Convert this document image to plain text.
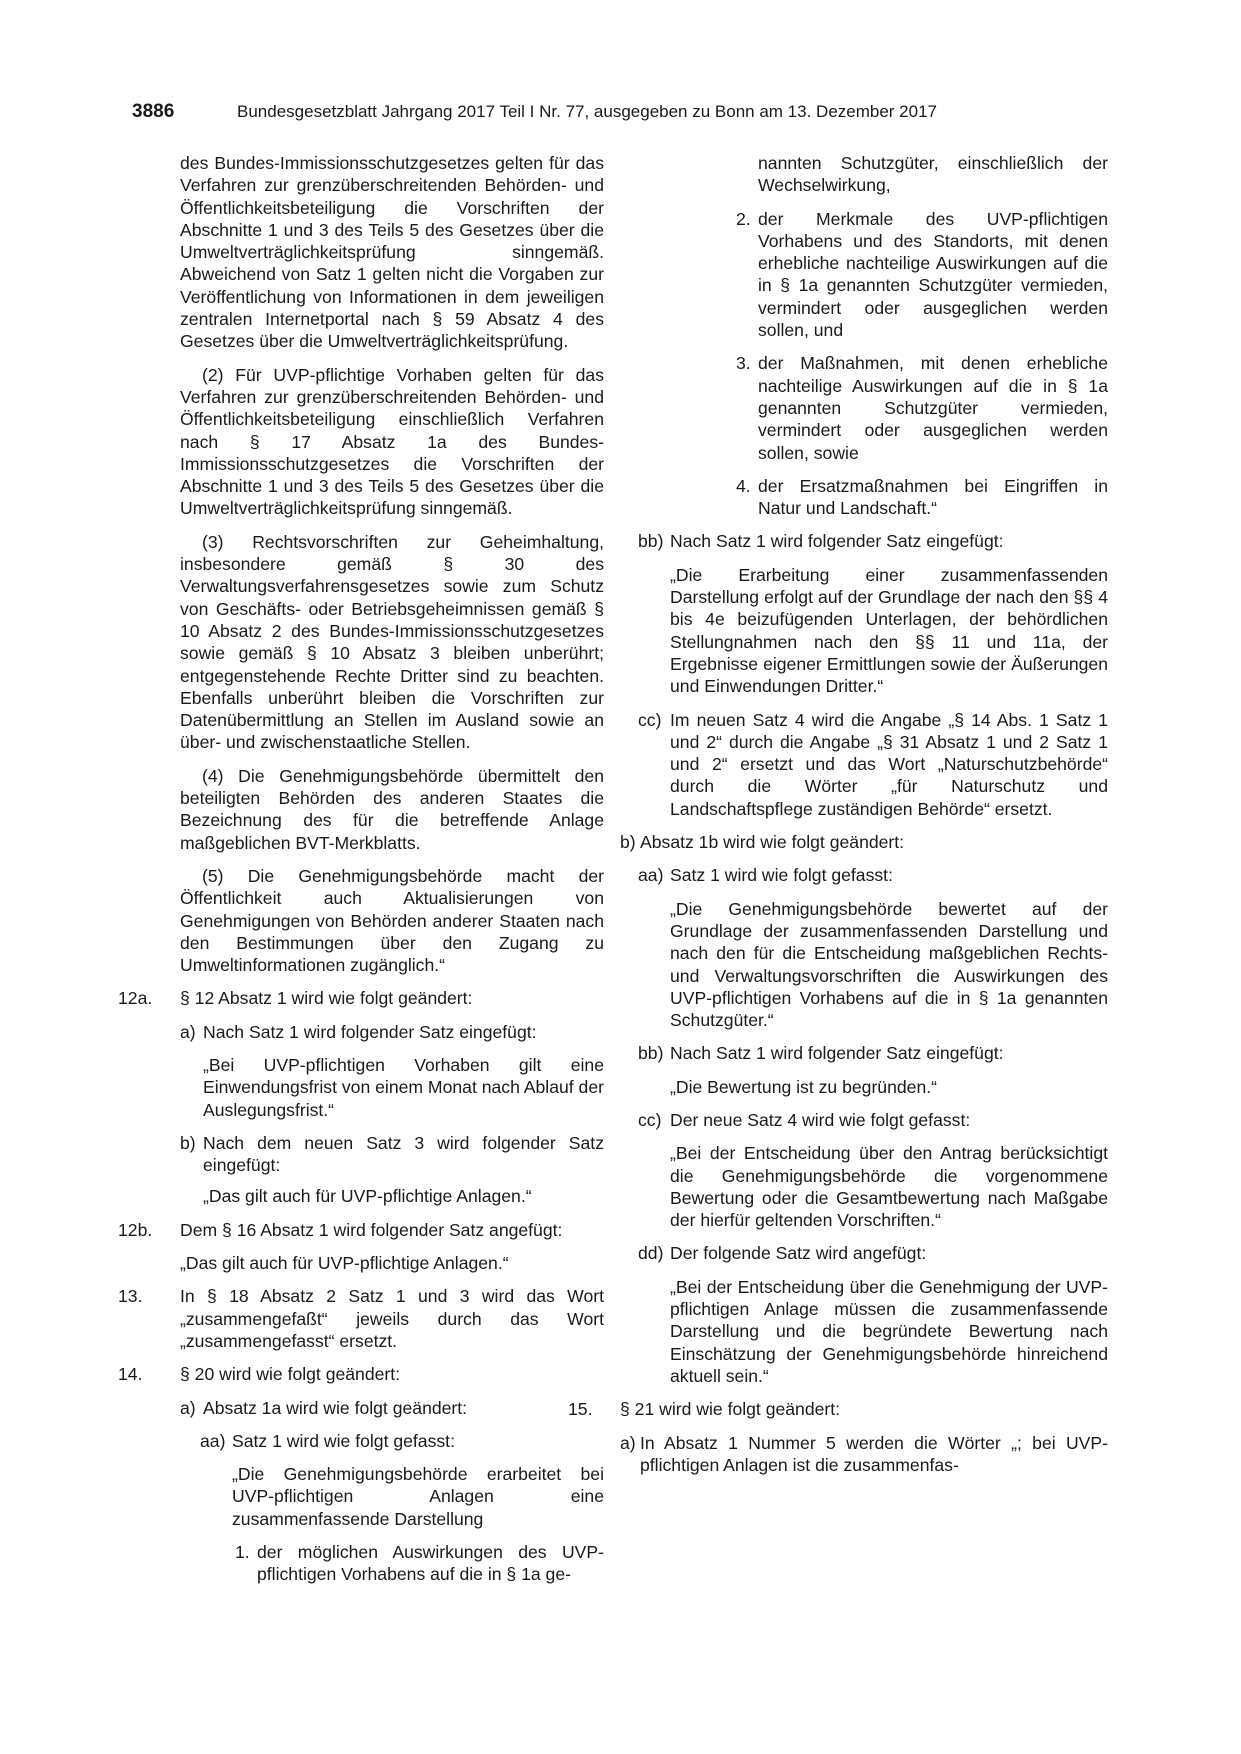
3886	Bundesgesetzblatt Jahrgang 2017 Teil I Nr. 77, ausgegeben zu Bonn am 13. Dezember 2017
des Bundes-Immissionsschutzgesetzes gelten für das Verfahren zur grenzüberschreitenden Behörden- und Öffentlichkeitsbeteiligung die Vorschriften der Abschnitte 1 und 3 des Teils 5 des Gesetzes über die Umweltverträglichkeitsprüfung sinngemäß. Abweichend von Satz 1 gelten nicht die Vorgaben zur Veröffentlichung von Informationen in dem jeweiligen zentralen Internetportal nach § 59 Absatz 4 des Gesetzes über die Umweltverträglichkeitsprüfung.
(2) Für UVP-pflichtige Vorhaben gelten für das Verfahren zur grenzüberschreitenden Behörden- und Öffentlichkeitsbeteiligung einschließlich Verfahren nach § 17 Absatz 1a des Bundes-Immissionsschutzgesetzes die Vorschriften der Abschnitte 1 und 3 des Teils 5 des Gesetzes über die Umweltverträglichkeitsprüfung sinngemäß.
(3) Rechtsvorschriften zur Geheimhaltung, insbesondere gemäß § 30 des Verwaltungsverfahrensgesetzes sowie zum Schutz von Geschäfts- oder Betriebsgeheimnissen gemäß § 10 Absatz 2 des Bundes-Immissionsschutzgesetzes sowie gemäß § 10 Absatz 3 bleiben unberührt; entgegenstehende Rechte Dritter sind zu beachten. Ebenfalls unberührt bleiben die Vorschriften zur Datenübermittlung an Stellen im Ausland sowie an über- und zwischenstaatliche Stellen.
(4) Die Genehmigungsbehörde übermittelt den beteiligten Behörden des anderen Staates die Bezeichnung des für die betreffende Anlage maßgeblichen BVT-Merkblatts.
(5) Die Genehmigungsbehörde macht der Öffentlichkeit auch Aktualisierungen von Genehmigungen von Behörden anderer Staaten nach den Bestimmungen über den Zugang zu Umweltinformationen zugänglich.“
12a. § 12 Absatz 1 wird wie folgt geändert:
a) Nach Satz 1 wird folgender Satz eingefügt:
„Bei UVP-pflichtigen Vorhaben gilt eine Einwendungsfrist von einem Monat nach Ablauf der Auslegungsfrist.“
b) Nach dem neuen Satz 3 wird folgender Satz eingefügt:
„Das gilt auch für UVP-pflichtige Anlagen.“
12b. Dem § 16 Absatz 1 wird folgender Satz angefügt:
„Das gilt auch für UVP-pflichtige Anlagen.“
13. In § 18 Absatz 2 Satz 1 und 3 wird das Wort „zusammengefaßt“ jeweils durch das Wort „zusammengefasst“ ersetzt.
14. § 20 wird wie folgt geändert:
a) Absatz 1a wird wie folgt geändert:
aa) Satz 1 wird wie folgt gefasst:
„Die Genehmigungsbehörde erarbeitet bei UVP-pflichtigen Anlagen eine zusammenfassende Darstellung
1. der möglichen Auswirkungen des UVP-pflichtigen Vorhabens auf die in § 1a ge-
nannten Schutzgüter, einschließlich der Wechselwirkung,
2. der Merkmale des UVP-pflichtigen Vorhabens und des Standorts, mit denen erhebliche nachteilige Auswirkungen auf die in § 1a genannten Schutzgüter vermieden, vermindert oder ausgeglichen werden sollen, und
3. der Maßnahmen, mit denen erhebliche nachteilige Auswirkungen auf die in § 1a genannten Schutzgüter vermieden, vermindert oder ausgeglichen werden sollen, sowie
4. der Ersatzmaßnahmen bei Eingriffen in Natur und Landschaft.“
bb) Nach Satz 1 wird folgender Satz eingefügt:
„Die Erarbeitung einer zusammenfassenden Darstellung erfolgt auf der Grundlage der nach den §§ 4 bis 4e beizufügenden Unterlagen, der behördlichen Stellungnahmen nach den §§ 11 und 11a, der Ergebnisse eigener Ermittlungen sowie der Äußerungen und Einwendungen Dritter.“
cc) Im neuen Satz 4 wird die Angabe „§ 14 Abs. 1 Satz 1 und 2“ durch die Angabe „§ 31 Absatz 1 und 2 Satz 1 und 2“ ersetzt und das Wort „Naturschutzbehörde“ durch die Wörter „für Naturschutz und Landschaftspflege zuständigen Behörde“ ersetzt.
b) Absatz 1b wird wie folgt geändert:
aa) Satz 1 wird wie folgt gefasst:
„Die Genehmigungsbehörde bewertet auf der Grundlage der zusammenfassenden Darstellung und nach den für die Entscheidung maßgeblichen Rechts- und Verwaltungsvorschriften die Auswirkungen des UVP-pflichtigen Vorhabens auf die in § 1a genannten Schutzgüter.“
bb) Nach Satz 1 wird folgender Satz eingefügt:
„Die Bewertung ist zu begründen.“
cc) Der neue Satz 4 wird wie folgt gefasst:
„Bei der Entscheidung über den Antrag berücksichtigt die Genehmigungsbehörde die vorgenommene Bewertung oder die Gesamtbewertung nach Maßgabe der hierfür geltenden Vorschriften.“
dd) Der folgende Satz wird angefügt:
„Bei der Entscheidung über die Genehmigung der UVP-pflichtigen Anlage müssen die zusammenfassende Darstellung und die begründete Bewertung nach Einschätzung der Genehmigungsbehörde hinreichend aktuell sein.“
15. § 21 wird wie folgt geändert:
a) In Absatz 1 Nummer 5 werden die Wörter „; bei UVP-pflichtigen Anlagen ist die zusammenfas-
